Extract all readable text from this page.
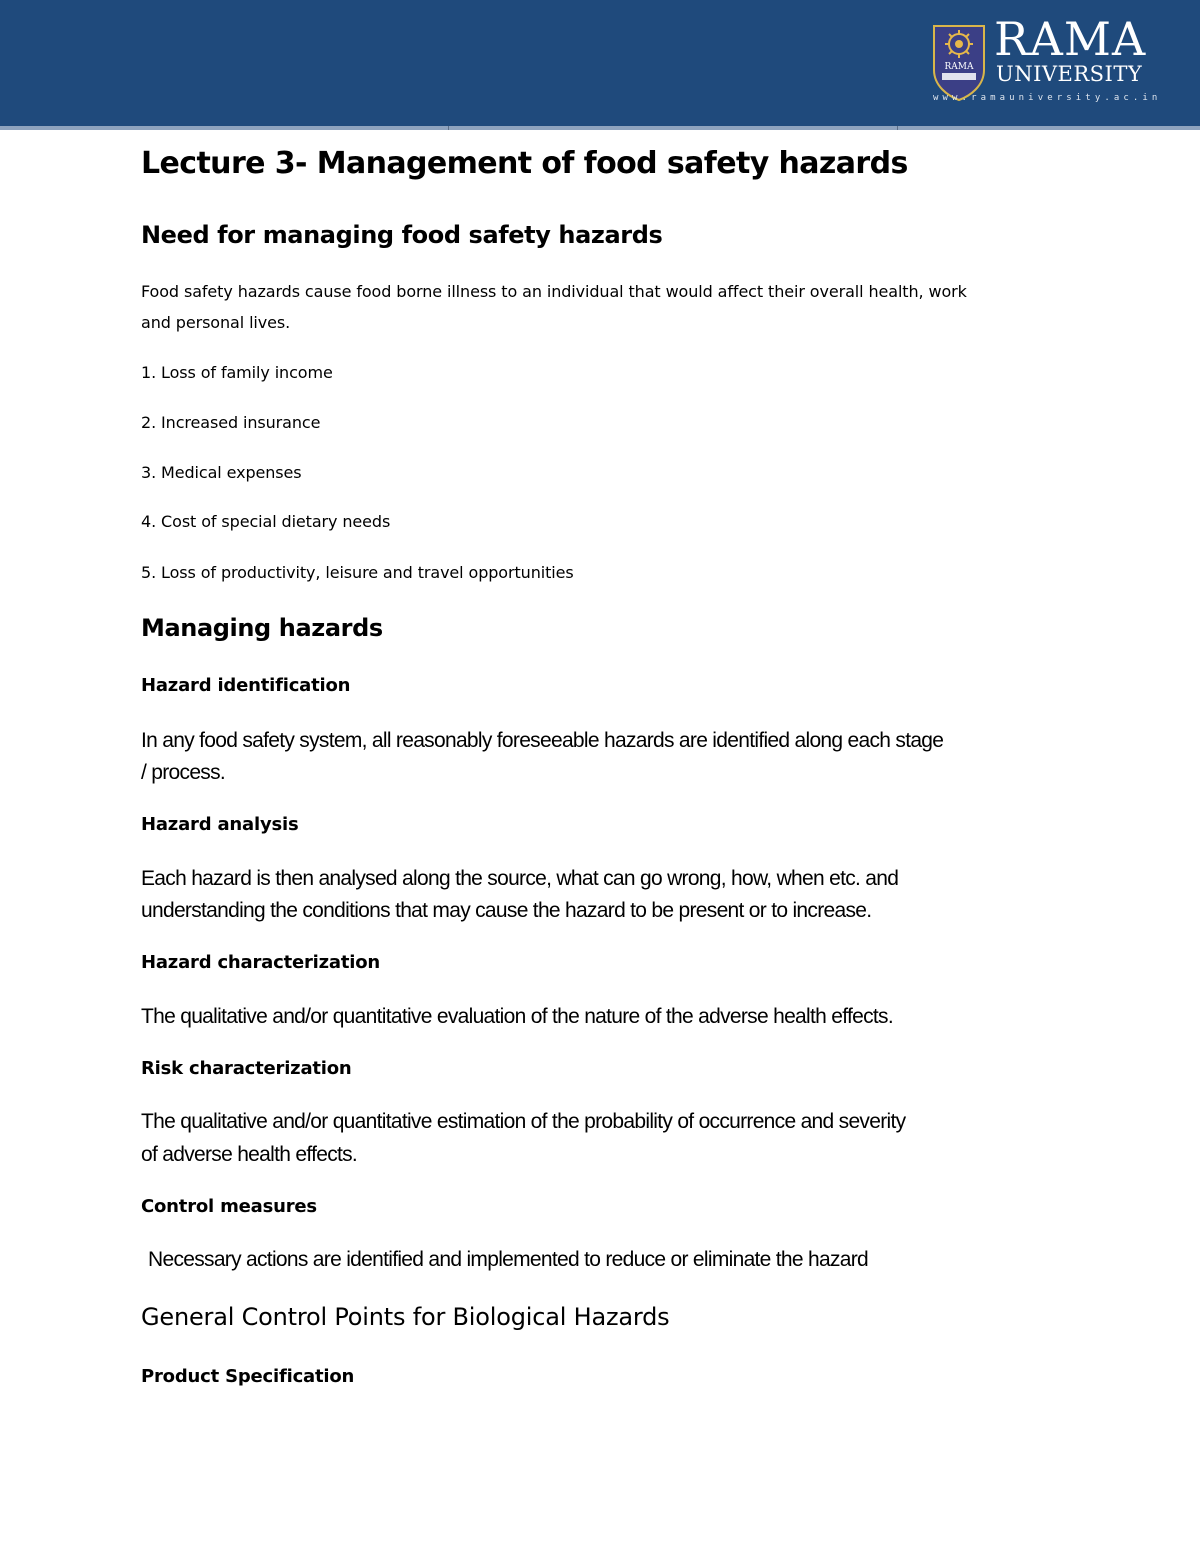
RAMA
RAMA
UNIVERSITY
www.ramauniversity.ac.in
Lecture 3- Management of food safety hazards
Need for managing food safety hazards
Food safety hazards cause food borne illness to an individual that would affect their overall health, work
and personal lives.
1. Loss of family income
2. Increased insurance
3. Medical expenses
4. Cost of special dietary needs
5. Loss of productivity, leisure and travel opportunities
Managing hazards
Hazard identification
In any food safety system, all reasonably foreseeable hazards are identified along each stage
/ process.
Hazard analysis
Each hazard is then analysed along the source, what can go wrong, how, when etc. and
understanding the conditions that may cause the hazard to be present or to increase.
Hazard characterization
The qualitative and/or quantitative evaluation of the nature of the adverse health effects.
Risk characterization
The qualitative and/or quantitative estimation of the probability of occurrence and severity
of adverse health effects.
Control measures
Necessary actions are identified and implemented to reduce or eliminate the hazard
General Control Points for Biological Hazards
Product Specification
